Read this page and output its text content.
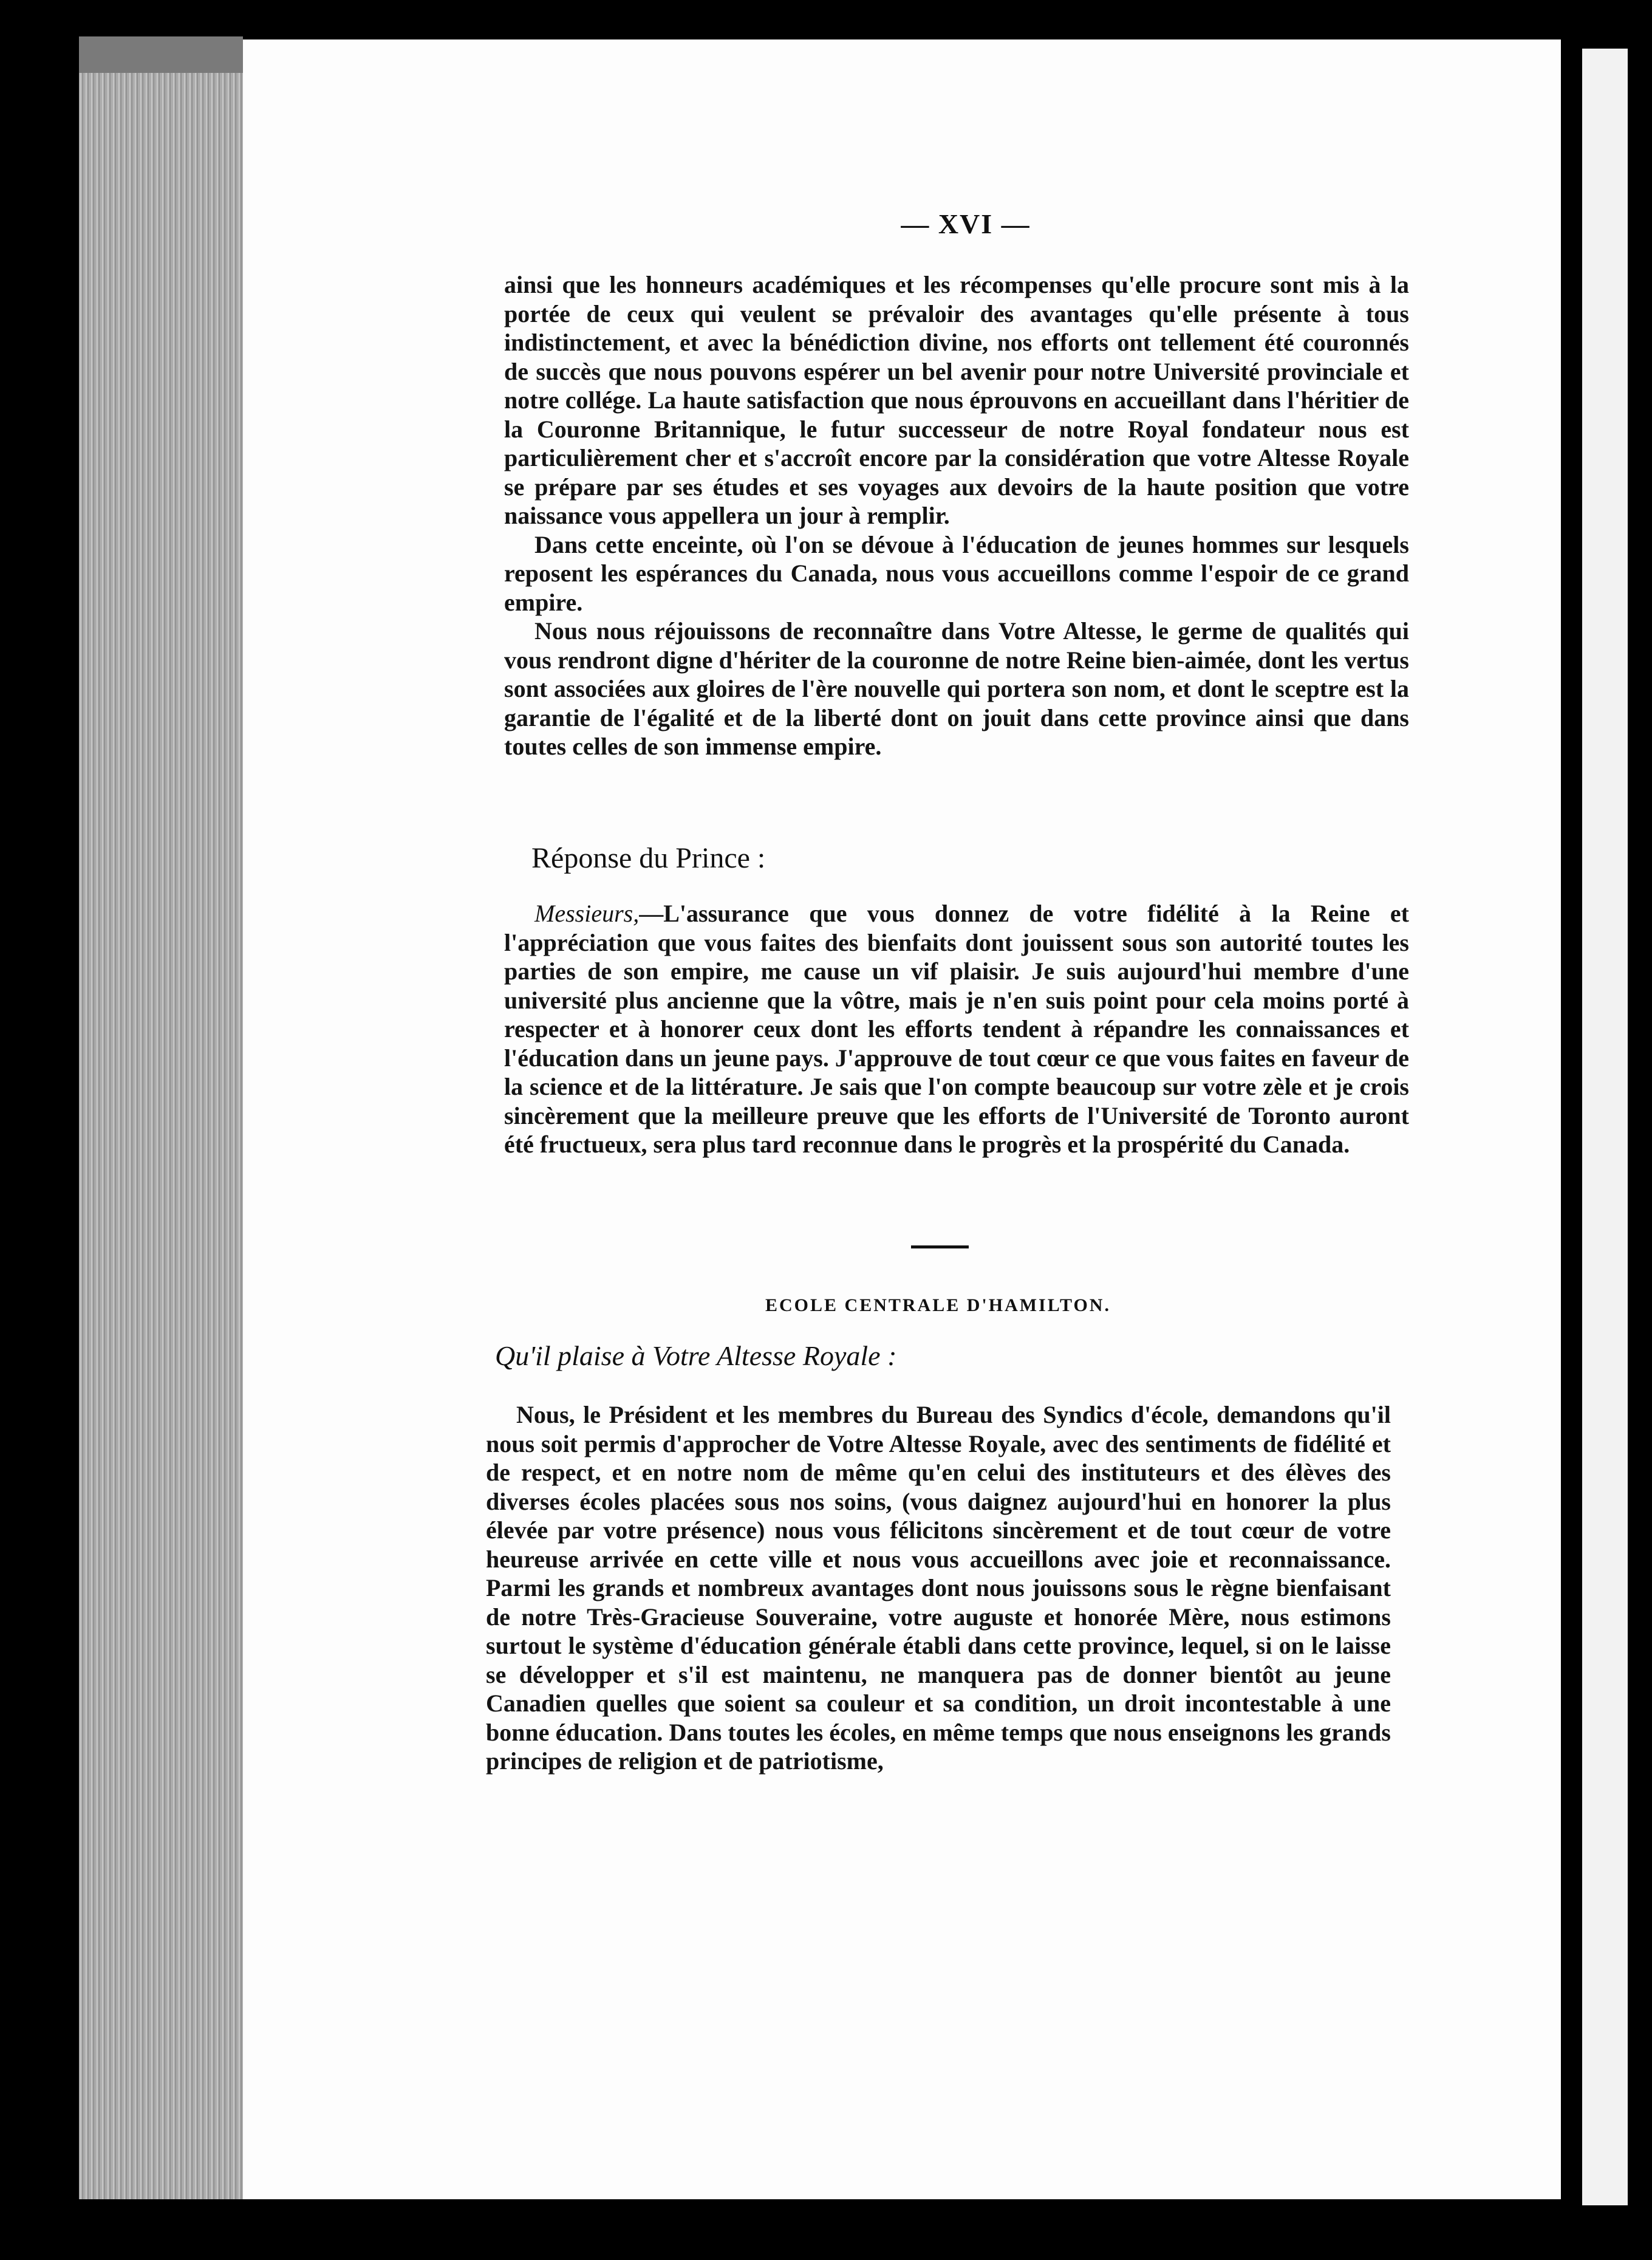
— XVI —

ainsi que les honneurs académiques et les récompenses qu'elle procure sont mis à la portée de ceux qui veulent se prévaloir des avantages qu'elle présente à tous indistinctement, et avec la bénédiction divine, nos efforts ont tellement été couronnés de succès que nous pouvons espérer un bel avenir pour notre Université provinciale et notre collége. La haute satisfaction que nous éprouvons en accueillant dans l'héritier de la Couronne Britannique, le futur successeur de notre Royal fondateur nous est particulièrement cher et s'accroît encore par la considération que votre Altesse Royale se prépare par ses études et ses voyages aux devoirs de la haute position que votre naissance vous appellera un jour à remplir.

Dans cette enceinte, où l'on se dévoue à l'éducation de jeunes hommes sur lesquels reposent les espérances du Canada, nous vous accueillons comme l'espoir de ce grand empire.

Nous nous réjouissons de reconnaître dans Votre Altesse, le germe de qualités qui vous rendront digne d'hériter de la couronne de notre Reine bien-aimée, dont les vertus sont associées aux gloires de l'ère nouvelle qui portera son nom, et dont le sceptre est la garantie de l'égalité et de la liberté dont on jouit dans cette province ainsi que dans toutes celles de son immense empire.

Réponse du Prince :

Messieurs,—L'assurance que vous donnez de votre fidélité à la Reine et l'appréciation que vous faites des bienfaits dont jouissent sous son autorité toutes les parties de son empire, me cause un vif plaisir. Je suis aujourd'hui membre d'une université plus ancienne que la vôtre, mais je n'en suis point pour cela moins porté à respecter et à honorer ceux dont les efforts tendent à répandre les connaissances et l'éducation dans un jeune pays. J'approuve de tout cœur ce que vous faites en faveur de la science et de la littérature. Je sais que l'on compte beaucoup sur votre zèle et je crois sincèrement que la meilleure preuve que les efforts de l'Université de Toronto auront été fructueux, sera plus tard reconnue dans le progrès et la prospérité du Canada.

ECOLE CENTRALE D'HAMILTON.
Qu'il plaise à Votre Altesse Royale :

Nous, le Président et les membres du Bureau des Syndics d'école, demandons qu'il nous soit permis d'approcher de Votre Altesse Royale, avec des sentiments de fidélité et de respect, et en notre nom de même qu'en celui des instituteurs et des élèves des diverses écoles placées sous nos soins, (vous daignez aujourd'hui en honorer la plus élevée par votre présence) nous vous félicitons sincèrement et de tout cœur de votre heureuse arrivée en cette ville et nous vous accueillons avec joie et reconnaissance. Parmi les grands et nombreux avantages dont nous jouissons sous le règne bienfaisant de notre Très-Gracieuse Souveraine, votre auguste et honorée Mère, nous estimons surtout le système d'éducation générale établi dans cette province, lequel, si on le laisse se développer et s'il est maintenu, ne manquera pas de donner bientôt au jeune Canadien quelles que soient sa couleur et sa condition, un droit incontestable à une bonne éducation. Dans toutes les écoles, en même temps que nous enseignons les grands principes de religion et de patriotisme,
